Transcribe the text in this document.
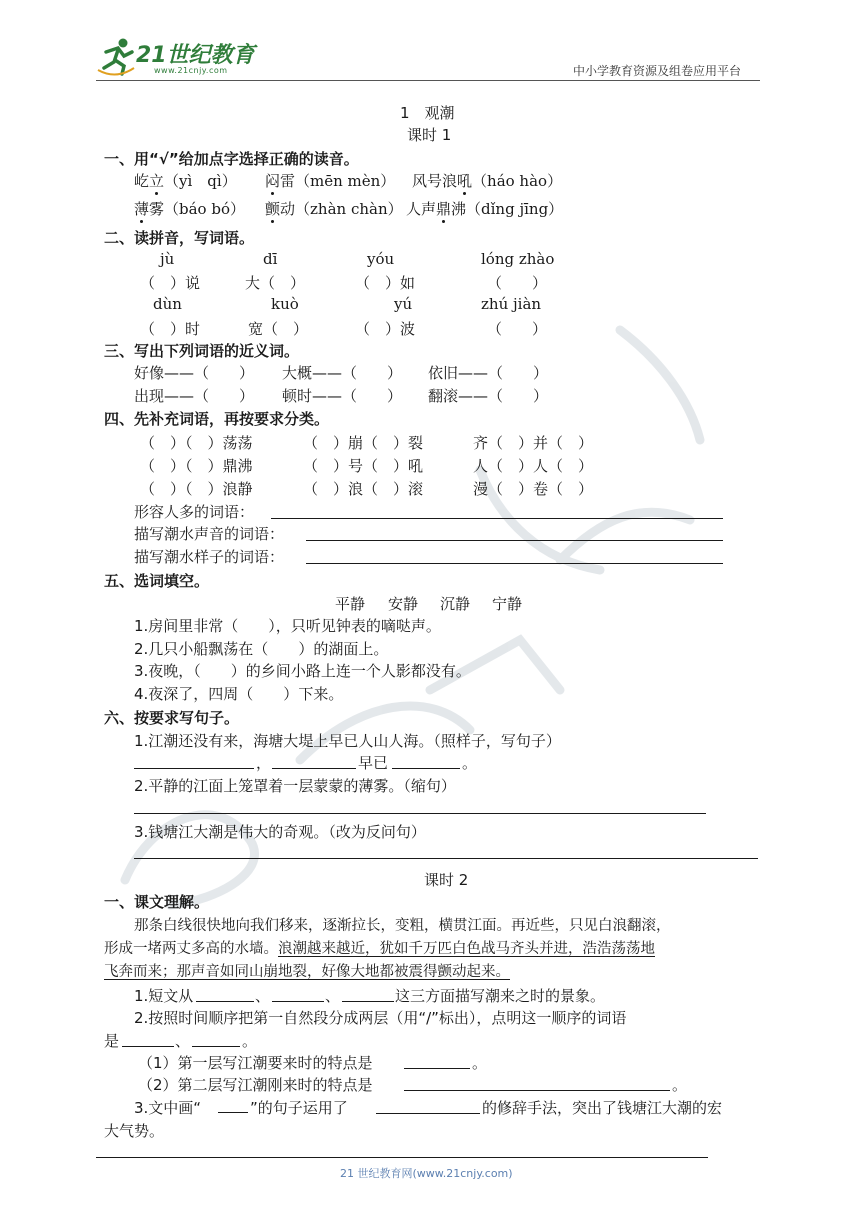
21世纪教育
www.21cnjy.com	中小学教育资源及组卷应用平台
1　观潮
课时 1
一、用“√”给加点字选择正确的读音。
屹立（yì　qì） 闷雷（mēn mèn） 风号浪吼（háo hào）
薄雾（báo bó） 颤动（zhàn chàn） 人声鼎沸（dǐng jīng）
二、读拼音，写词语。
jù	dī	yóu	lóng zhào
（　）说	大（　）	（　）如	（　　）
dùn	kuò	yú	zhú jiàn
（　）时	宽（　）	（　）波	（　　）
三、写出下列词语的近义词。
好像——（　　） 大概——（　　） 依旧——（　　）
出现——（　　） 顿时——（　　） 翻滚——（　　）
四、先补充词语，再按要求分类。
（　）（　）荡荡	（　）崩（　）裂	齐（　）并（　）
（　）（　）鼎沸	（　）号（　）吼	人（　）人（　）
（　）（　）浪静	（　）浪（　）滚	漫（　）卷（　）
形容人多的词语：
描写潮水声音的词语：
描写潮水样子的词语：
五、选词填空。
平静 安静 沉静 宁静
1.房间里非常（　　），只听见钟表的嘀哒声。
2.几只小船飘荡在（　　）的湖面上。
3.夜晚，（　　）的乡间小路上连一个人影都没有。
4.夜深了，四周（　　）下来。
六、按要求写句子。
1.江潮还没有来，海塘大堤上早已人山人海。（照样子，写句子）
，	早已	。
2.平静的江面上笼罩着一层蒙蒙的薄雾。（缩句）
3.钱塘江大潮是伟大的奇观。（改为反问句）
课时 2
一、课文理解。
那条白线很快地向我们移来，逐渐拉长，变粗，横贯江面。再近些，只见白浪翻滚，
形成一堵两丈多高的水墙。浪潮越来越近，犹如千万匹白色战马齐头并进，浩浩荡荡地
飞奔而来；那声音如同山崩地裂，好像大地都被震得颤动起来。
1.短文从	、	、	这三方面描写潮来之时的景象。
2.按照时间顺序把第一自然段分成两层（用“/”标出），点明这一顺序的词语
是	、	。
（1）第一层写江潮要来时的特点是	。
（2）第二层写江潮刚来时的特点是	。
3.文中画“	”的句子运用了	的修辞手法，突出了钱塘江大潮的宏
大气势。
21 世纪教育网(www.21cnjy.com)
